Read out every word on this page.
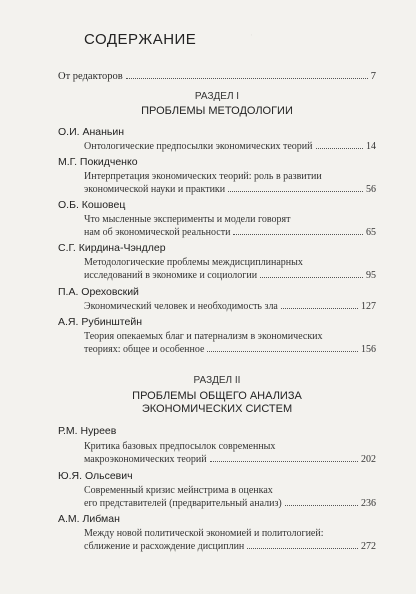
·
СОДЕРЖАНИЕ
От редакторов	7
РАЗДЕЛ I
ПРОБЛЕМЫ МЕТОДОЛОГИИ
О.И. Ананьин
Онтологические предпосылки экономических теорий	14
М.Г. Покидченко
Интерпретация экономических теорий: роль в развитии
экономической науки и практики	56
О.Б. Кошовец
Что мысленные эксперименты и модели говорят
нам об экономической реальности	65
С.Г. Кирдина-Чэндлер
Методологические проблемы междисциплинарных
исследований в экономике и социологии	95
П.А. Ореховский
Экономический человек и необходимость зла	127
А.Я. Рубинштейн
Теория опекаемых благ и патернализм в экономических
теориях: общее и особенное	156
РАЗДЕЛ II
ПРОБЛЕМЫ ОБЩЕГО АНАЛИЗА
ЭКОНОМИЧЕСКИХ СИСТЕМ
Р.М. Нуреев
Критика базовых предпосылок современных
макроэкономических теорий	202
Ю.Я. Ольсевич
Современный кризис мейнстрима в оценках
его представителей (предварительный анализ)	236
А.М. Либман
Между новой политической экономией и политологией:
сближение и расхождение дисциплин	272
